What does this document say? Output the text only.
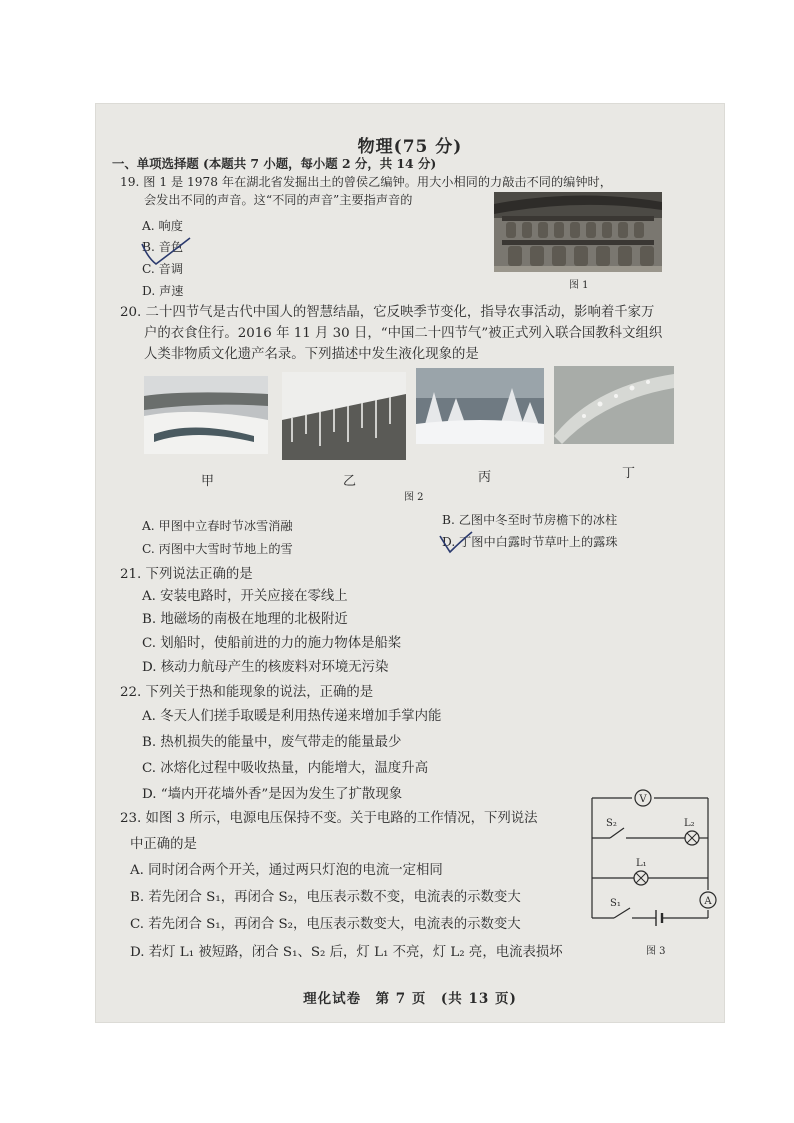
物理(75 分)
一、单项选择题 (本题共 7 小题，每小题 2 分，共 14 分)
19. 图 1 是 1978 年在湖北省发掘出土的曾侯乙编钟。用大小相同的力敲击不同的编钟时，
会发出不同的声音。这“不同的声音”主要指声音的
A. 响度
B. 音色
C. 音调
D. 声速	图 1
20. 二十四节气是古代中国人的智慧结晶，它反映季节变化，指导农事活动，影响着千家万
户的衣食住行。2016 年 11 月 30 日，“中国二十四节气”被正式列入联合国教科文组织
人类非物质文化遗产名录。下列描述中发生液化现象的是
甲	乙	丙	丁
图 2
A. 甲图中立春时节冰雪消融	B. 乙图中冬至时节房檐下的冰柱
C. 丙图中大雪时节地上的雪	D. 丁图中白露时节草叶上的露珠
21. 下列说法正确的是
A. 安装电路时，开关应接在零线上
B. 地磁场的南极在地理的北极附近
C. 划船时，使船前进的力的施力物体是船桨
D. 核动力航母产生的核废料对环境无污染
22. 下列关于热和能现象的说法，正确的是
A. 冬天人们搓手取暖是利用热传递来增加手掌内能
B. 热机损失的能量中，废气带走的能量最少
C. 冰熔化过程中吸收热量，内能增大，温度升高
D. “墙内开花墙外香”是因为发生了扩散现象
23. 如图 3 所示，电源电压保持不变。关于电路的工作情况，下列说法
中正确的是
A. 同时闭合两个开关，通过两只灯泡的电流一定相同
B. 若先闭合 S₁，再闭合 S₂，电压表示数不变，电流表的示数变大
C. 若先闭合 S₁，再闭合 S₂，电压表示数变大，电流表的示数变大
D. 若灯 L₁ 被短路，闭合 S₁、S₂ 后，灯 L₁ 不亮，灯 L₂ 亮，电流表损坏
V
A
S₂	L₂
L₁
S₁
图 3
理化试卷　第 7 页　(共 13 页)
